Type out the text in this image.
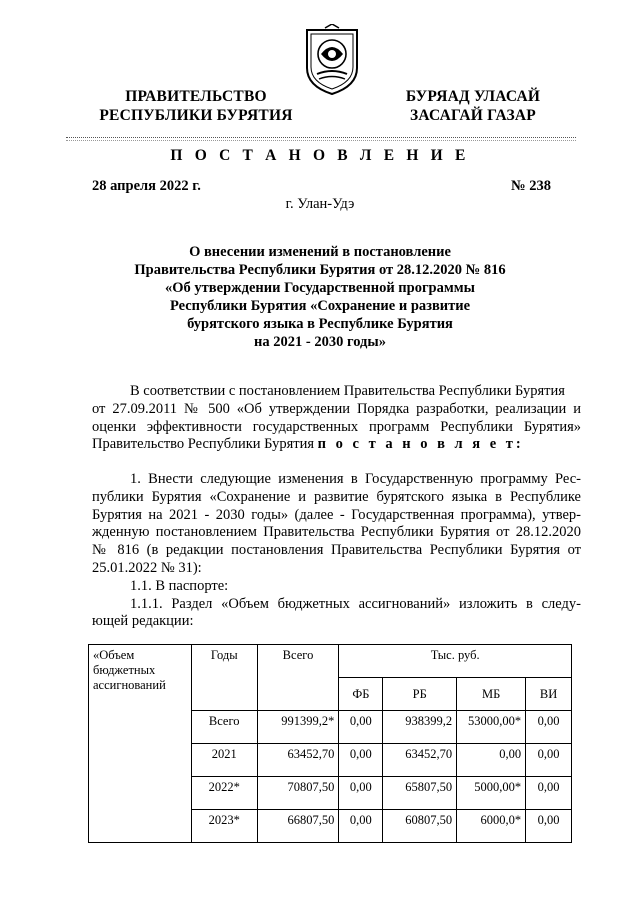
ПРАВИТЕЛЬСТВО
РЕСПУБЛИКИ БУРЯТИЯ
БУРЯАД УЛАСАЙ
ЗАСАГАЙ ГАЗАР
П О С Т А Н О В Л Е Н И Е
28 апреля 2022 г.	№ 238
г. Улан-Удэ
О внесении изменений в постановление
Правительства Республики Бурятия от 28.12.2020 № 816
«Об утверждении Государственной программы
Республики Бурятия «Сохранение и развитие
бурятского языка в Республике Бурятия
на 2021 - 2030 годы»
В соответствии с постановлением Правительства Республики Бурятия
от 27.09.2011 № 500 «Об утверждении Порядка разработки, реализации и
оценки эффективности государственных программ Республики Бурятия»
Правительство Республики Бурятия п о с т а н о в л я е т:
1. Внести следующие изменения в Государственную программу Рес-
публики Бурятия «Сохранение и развитие бурятского языка в Республике
Бурятия на 2021 - 2030 годы» (далее - Государственная программа), утвер-
жденную постановлением Правительства Республики Бурятия от 28.12.2020
№ 816 (в редакции постановления Правительства Республики Бурятия от
25.01.2022 № 31):
1.1. В паспорте:
1.1.1. Раздел «Объем бюджетных ассигнований» изложить в следу-
ющей редакции:
«Объем
бюджетных
ассигнований	Годы	Всего	Тыс. руб.			
			ФБ	РБ	МБ	ВИ
	Всего	991399,2*	0,00	938399,2	53000,00*	0,00
	2021	63452,70	0,00	63452,70	0,00	0,00
	2022*	70807,50	0,00	65807,50	5000,00*	0,00
	2023*	66807,50	0,00	60807,50	6000,0*	0,00
